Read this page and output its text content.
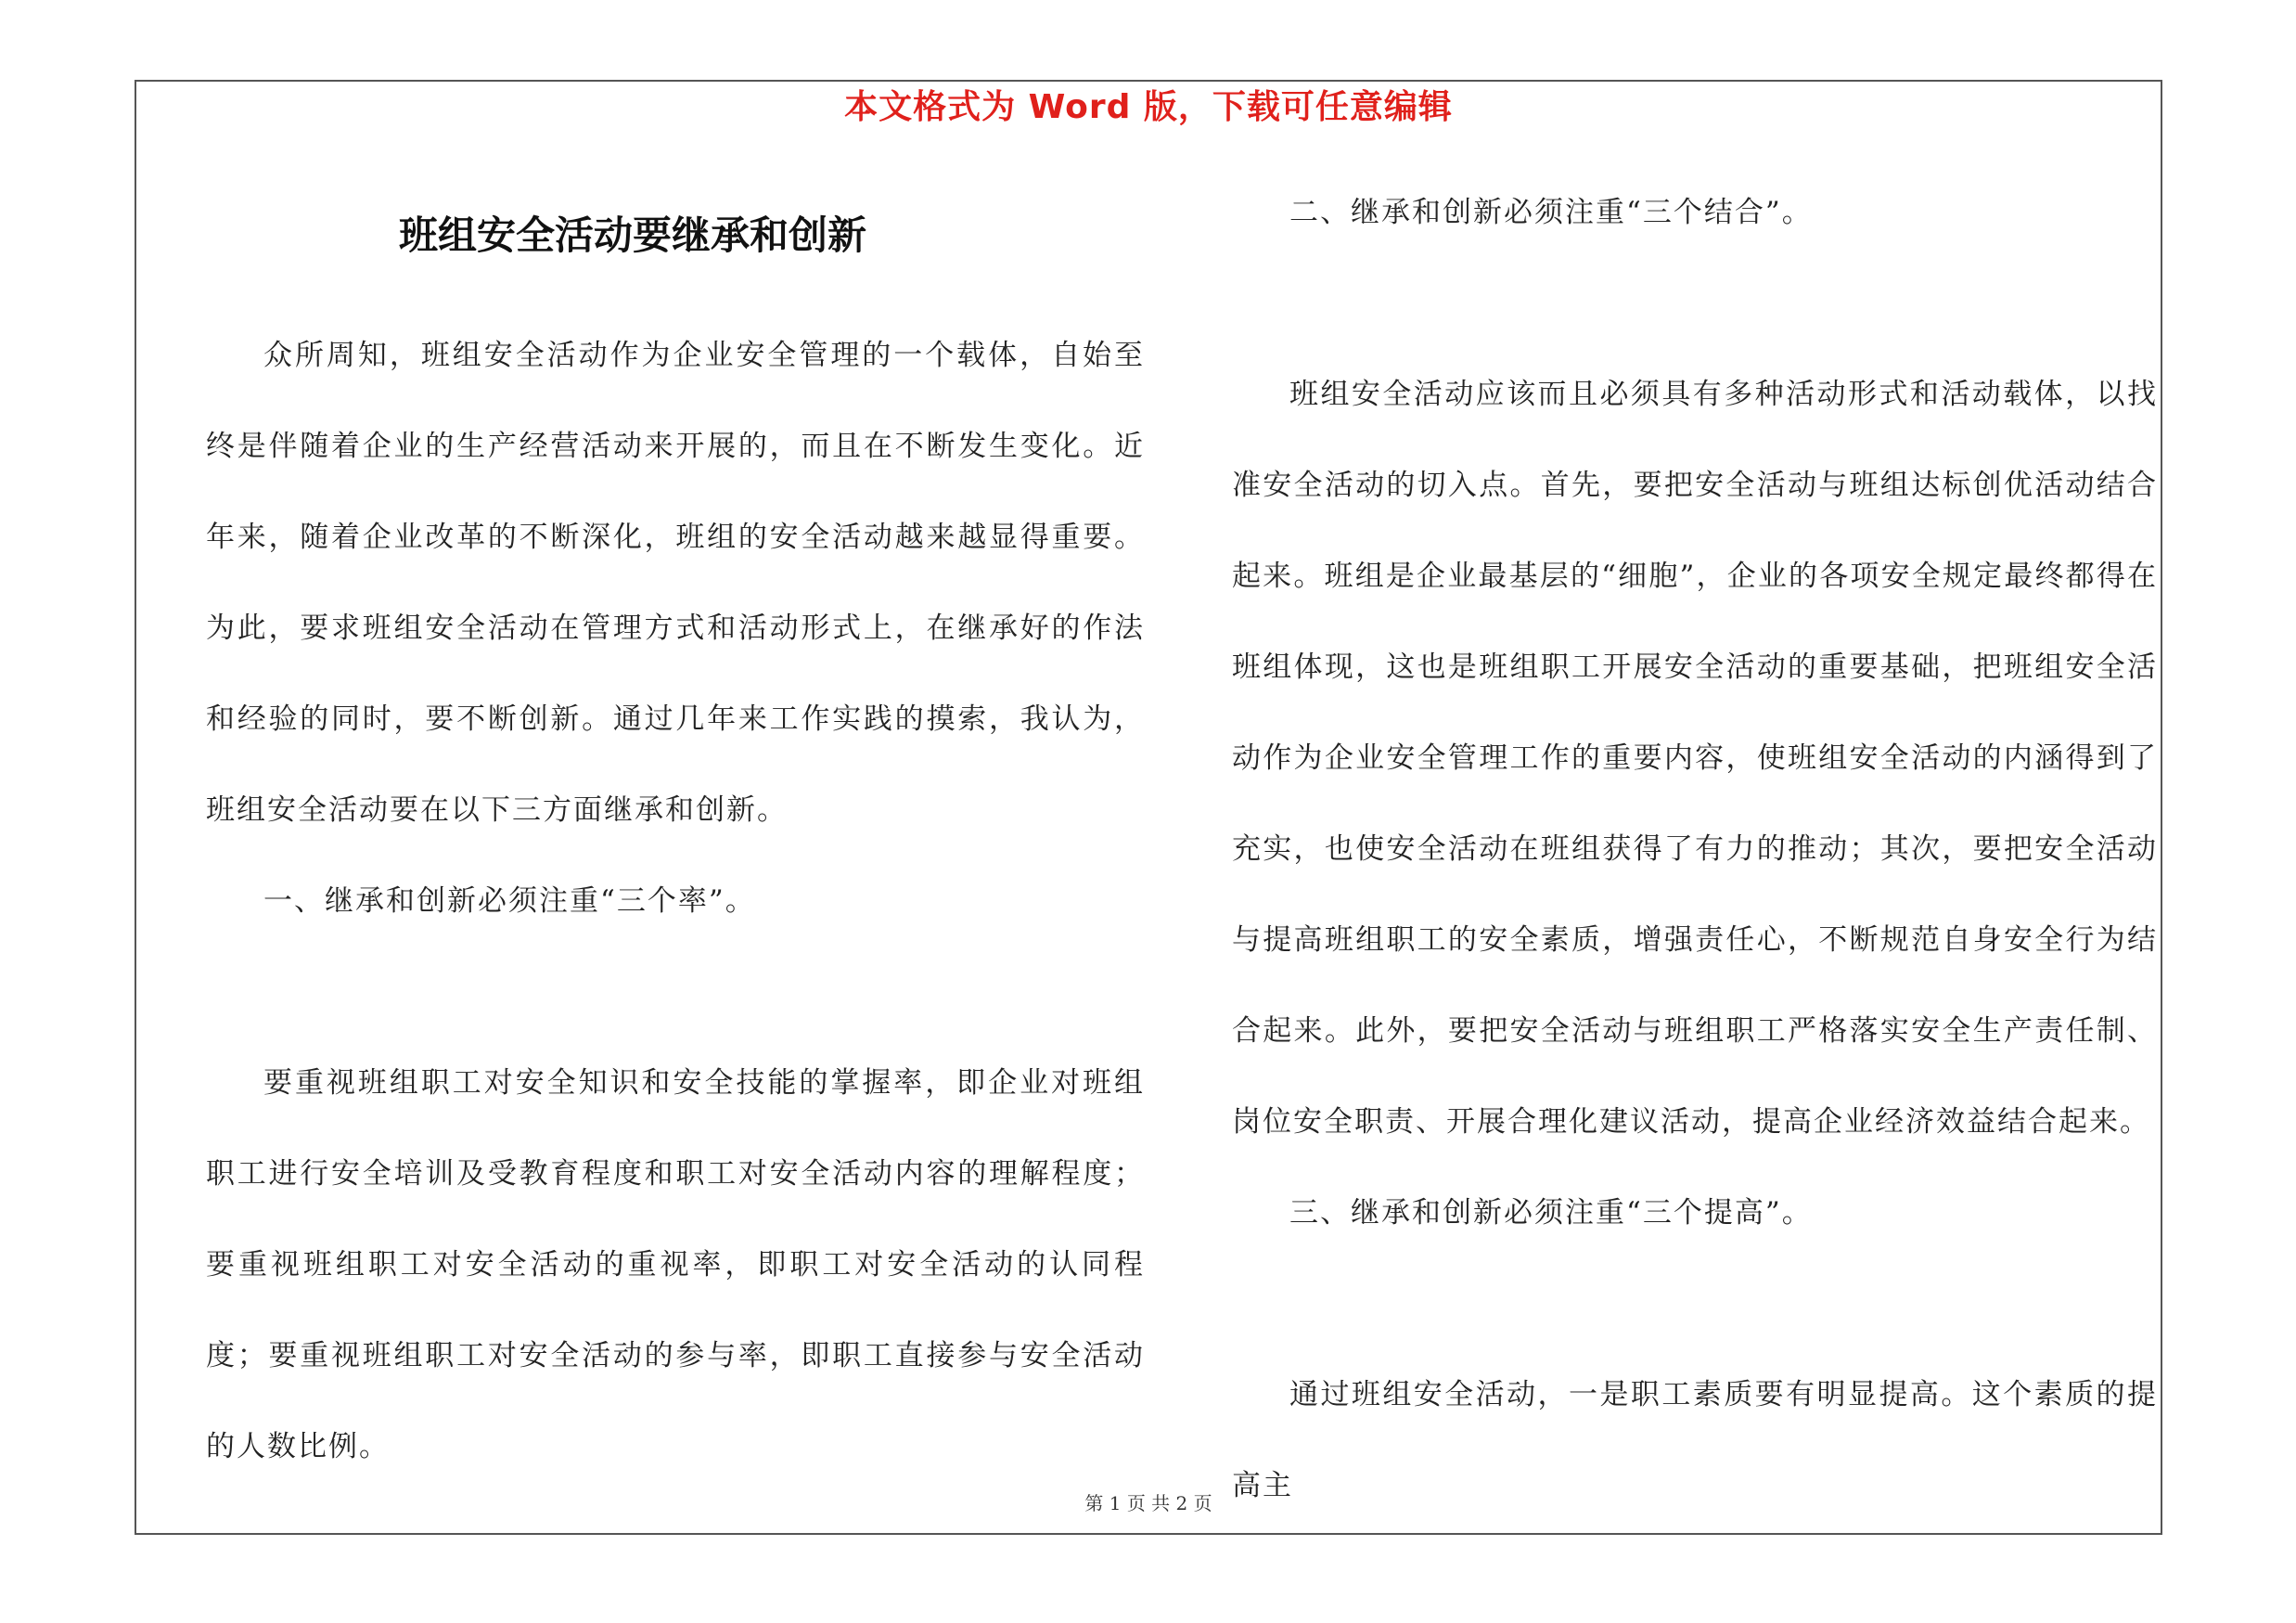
本文格式为 Word 版，下载可任意编辑
班组安全活动要继承和创新

众所周知，班组安全活动作为企业安全管理的一个载体，自始至终是伴随着企业的生产经营活动来开展的，而且在不断发生变化。近年来，随着企业改革的不断深化，班组的安全活动越来越显得重要。为此，要求班组安全活动在管理方式和活动形式上，在继承好的作法和经验的同时，要不断创新。通过几年来工作实践的摸索，我认为，班组安全活动要在以下三方面继承和创新。

一、继承和创新必须注重“三个率”。

要重视班组职工对安全知识和安全技能的掌握率，即企业对班组职工进行安全培训及受教育程度和职工对安全活动内容的理解程度；要重视班组职工对安全活动的重视率，即职工对安全活动的认同程度；要重视班组职工对安全活动的参与率，即职工直接参与安全活动的人数比例。

二、继承和创新必须注重“三个结合”。

班组安全活动应该而且必须具有多种活动形式和活动载体，以找准安全活动的切入点。首先，要把安全活动与班组达标创优活动结合起来。班组是企业最基层的“细胞”，企业的各项安全规定最终都得在班组体现，这也是班组职工开展安全活动的重要基础，把班组安全活动作为企业安全管理工作的重要内容，使班组安全活动的内涵得到了充实，也使安全活动在班组获得了有力的推动；其次，要把安全活动与提高班组职工的安全素质，增强责任心，不断规范自身安全行为结合起来。此外，要把安全活动与班组职工严格落实安全生产责任制、岗位安全职责、开展合理化建议活动，提高企业经济效益结合起来。

三、继承和创新必须注重“三个提高”。

通过班组安全活动，一是职工素质要有明显提高。这个素质的提高主

第 1 页 共 2 页
